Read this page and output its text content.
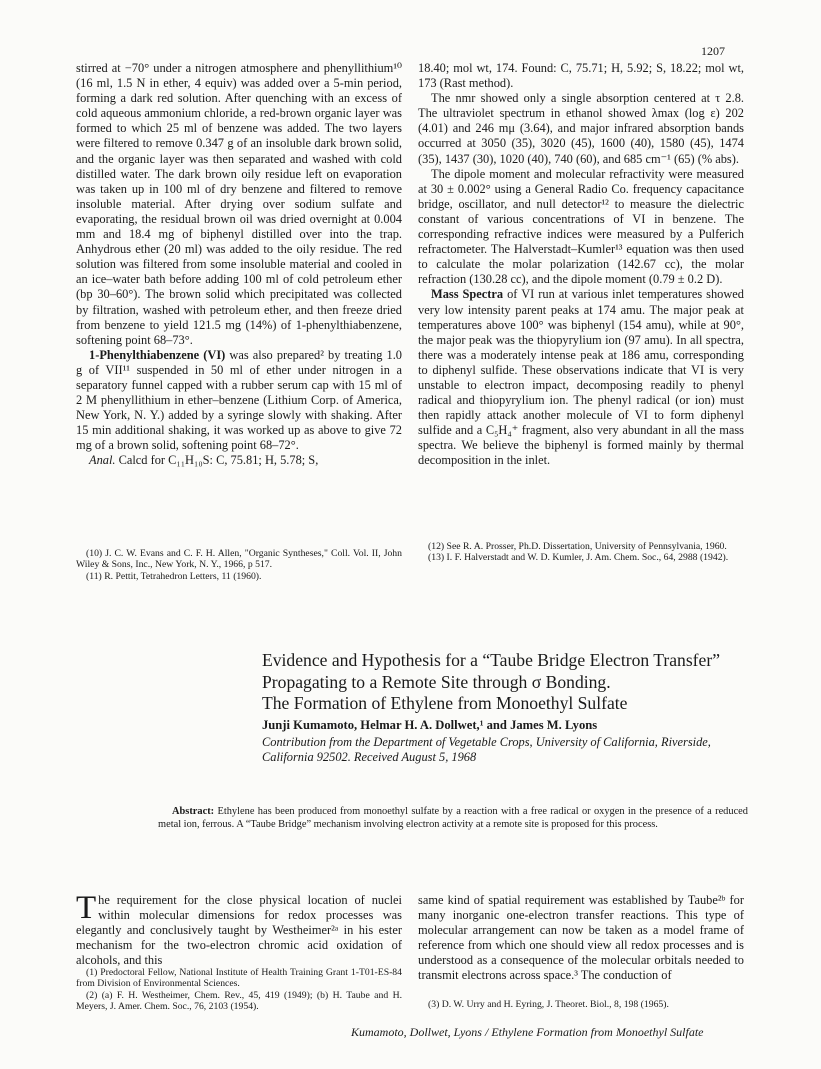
1207

stirred at −70° under a nitrogen atmosphere and phenyllithium¹⁰ (16 ml, 1.5 N in ether, 4 equiv) was added over a 5-min period, forming a dark red solution. After quenching with an excess of cold aqueous ammonium chloride, a red-brown organic layer was formed to which 25 ml of benzene was added. The two layers were filtered to remove 0.347 g of an insoluble dark brown solid, and the organic layer was then separated and washed with cold distilled water. The dark brown oily residue left on evaporation was taken up in 100 ml of dry benzene and filtered to remove insoluble material. After drying over sodium sulfate and evaporating, the residual brown oil was dried overnight at 0.004 mm and 18.4 mg of biphenyl distilled over into the trap. Anhydrous ether (20 ml) was added to the oily residue. The red solution was filtered from some insoluble material and cooled in an ice–water bath before adding 100 ml of cold petroleum ether (bp 30–60°). The brown solid which precipitated was collected by filtration, washed with petroleum ether, and then freeze dried from benzene to yield 121.5 mg (14%) of 1-phenylthiabenzene, softening point 68–73°.

1-Phenylthiabenzene (VI) was also prepared² by treating 1.0 g of VII¹¹ suspended in 50 ml of ether under nitrogen in a separatory funnel capped with a rubber serum cap with 15 ml of 2 M phenyllithium in ether–benzene (Lithium Corp. of America, New York, N. Y.) added by a syringe slowly with shaking. After 15 min additional shaking, it was worked up as above to give 72 mg of a brown solid, softening point 68–72°.

Anal. Calcd for C₁₁H₁₀S: C, 75.81; H, 5.78; S,

18.40; mol wt, 174. Found: C, 75.71; H, 5.92; S, 18.22; mol wt, 173 (Rast method).

The nmr showed only a single absorption centered at τ 2.8. The ultraviolet spectrum in ethanol showed λmax (log ε) 202 (4.01) and 246 mμ (3.64), and major infrared absorption bands occurred at 3050 (35), 3020 (45), 1600 (40), 1580 (45), 1474 (35), 1437 (30), 1020 (40), 740 (60), and 685 cm⁻¹ (65) (% abs).

The dipole moment and molecular refractivity were measured at 30 ± 0.002° using a General Radio Co. frequency capacitance bridge, oscillator, and null detector¹² to measure the dielectric constant of various concentrations of VI in benzene. The corresponding refractive indices were measured by a Pulferich refractometer. The Halverstadt–Kumler¹³ equation was then used to calculate the molar polarization (142.67 cc), the molar refraction (130.28 cc), and the dipole moment (0.79 ± 0.2 D).

Mass Spectra of VI run at various inlet temperatures showed very low intensity parent peaks at 174 amu. The major peak at temperatures above 100° was biphenyl (154 amu), while at 90°, the major peak was the thiopyrylium ion (97 amu). In all spectra, there was a moderately intense peak at 186 amu, corresponding to diphenyl sulfide. These observations indicate that VI is very unstable to electron impact, decomposing readily to phenyl radical and thiopyrylium ion. The phenyl radical (or ion) must then rapidly attack another molecule of VI to form diphenyl sulfide and a C₅H₄⁺ fragment, also very abundant in all the mass spectra. We believe the biphenyl is formed mainly by thermal decomposition in the inlet.

(10) J. C. W. Evans and C. F. H. Allen, "Organic Syntheses," Coll. Vol. II, John Wiley & Sons, Inc., New York, N. Y., 1966, p 517.

(11) R. Pettit, Tetrahedron Letters, 11 (1960).

(12) See R. A. Prosser, Ph.D. Dissertation, University of Pennsylvania, 1960.

(13) I. F. Halverstadt and W. D. Kumler, J. Am. Chem. Soc., 64, 2988 (1942).

Evidence and Hypothesis for a “Taube Bridge Electron Transfer”
Propagating to a Remote Site through σ Bonding.
The Formation of Ethylene from Monoethyl Sulfate
Junji Kumamoto, Helmar H. A. Dollwet,¹ and James M. Lyons
Contribution from the Department of Vegetable Crops, University of California, Riverside, California 92502. Received August 5, 1968
Abstract: Ethylene has been produced from monoethyl sulfate by a reaction with a free radical or oxygen in the presence of a reduced metal ion, ferrous. A “Taube Bridge” mechanism involving electron activity at a remote site is proposed for this process.

The requirement for the close physical location of nuclei within molecular dimensions for redox processes was elegantly and conclusively taught by Westheimer²ᵃ in his ester mechanism for the two-electron chromic acid oxidation of alcohols, and this

same kind of spatial requirement was established by Taube²ᵇ for many inorganic one-electron transfer reactions. This type of molecular arrangement can now be taken as a model frame of reference from which one should view all redox processes and is understood as a consequence of the molecular orbitals needed to transmit electrons across space.³ The conduction of

(1) Predoctoral Fellow, National Institute of Health Training Grant 1-T01-ES-84 from Division of Environmental Sciences.

(2) (a) F. H. Westheimer, Chem. Rev., 45, 419 (1949); (b) H. Taube and H. Meyers, J. Amer. Chem. Soc., 76, 2103 (1954).	(3) D. W. Urry and H. Eyring, J. Theoret. Biol., 8, 198 (1965).

Kumamoto, Dollwet, Lyons / Ethylene Formation from Monoethyl Sulfate
